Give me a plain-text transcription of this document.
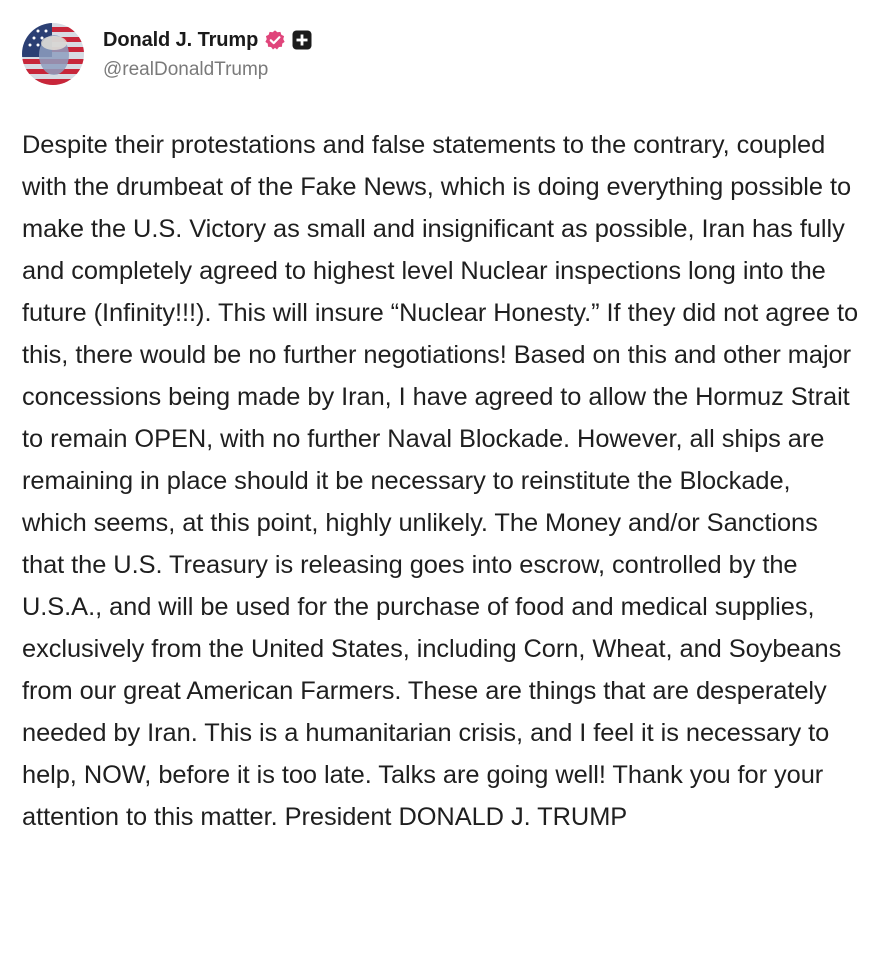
Donald J. Trump
@realDonaldTrump

Despite their protestations and false statements to the contrary, coupled with the drumbeat of the Fake News, which is doing everything possible to make the U.S. Victory as small and insignificant as possible, Iran has fully and completely agreed to highest level Nuclear inspections long into the future (Infinity!!!). This will insure “Nuclear Honesty.” If they did not agree to this, there would be no further negotiations! Based on this and other major concessions being made by Iran, I have agreed to allow the Hormuz Strait to remain OPEN, with no further Naval Blockade. However, all ships are remaining in place should it be necessary to reinstitute the Blockade, which seems, at this point, highly unlikely. The Money and/or Sanctions that the U.S. Treasury is releasing goes into escrow, controlled by the U.S.A., and will be used for the purchase of food and medical supplies, exclusively from the United States, including Corn, Wheat, and Soybeans from our great American Farmers. These are things that are desperately needed by Iran. This is a humanitarian crisis, and I feel it is necessary to help, NOW, before it is too late. Talks are going well! Thank you for your attention to this matter. President DONALD J. TRUMP
